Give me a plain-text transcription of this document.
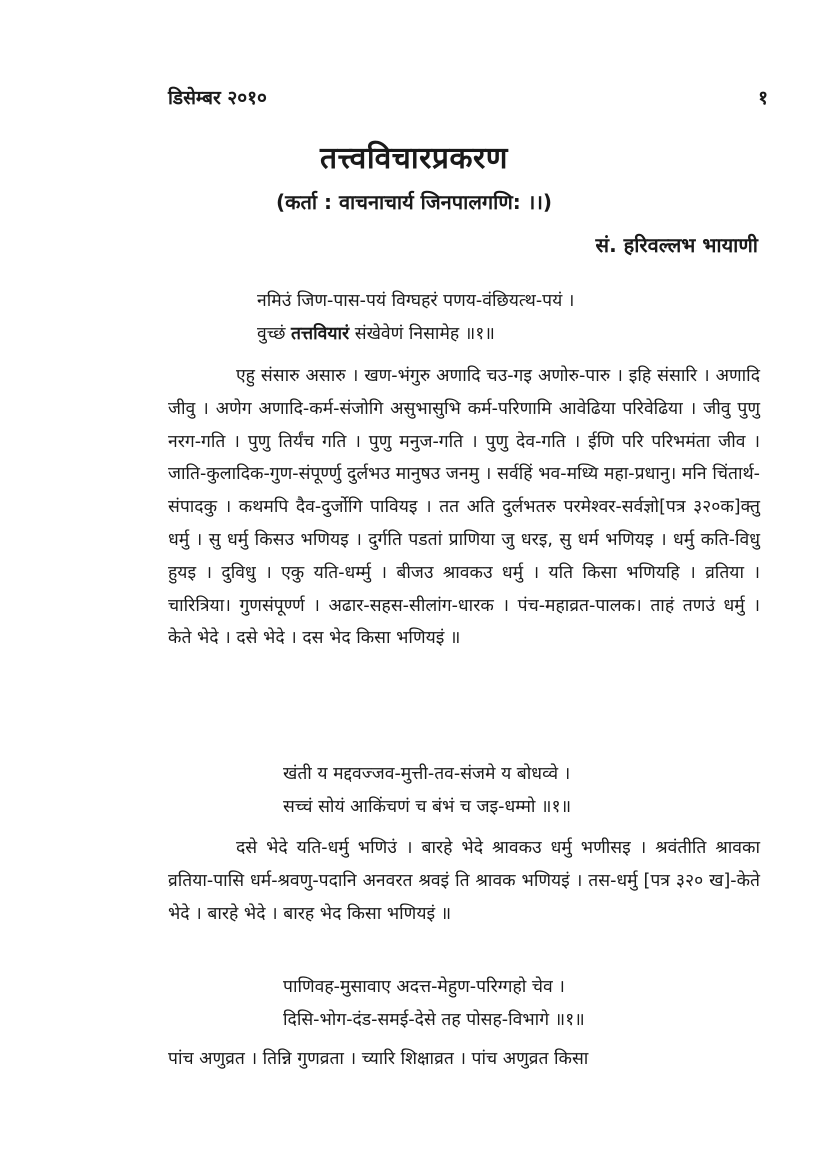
डिसेम्बर २०१०	१
तत्त्वविचारप्रकरण
(कर्ता : वाचनाचार्य जिनपालगणि: ।।)
सं. हरिवल्लभ भायाणी
नमिउं जिण-पास-पयं विग्घहरं पणय-वंछियत्थ-पयं ।
वुच्छं तत्तवियारं संखेवेणं निसामेह ॥१॥
एहु संसारु असारु । खण-भंगुरु अणादि चउ-गइ अणोरु-पारु । इहि संसारि । अणादि जीवु । अणेग अणादि-कर्म-संजोगि असुभासुभि कर्म-परिणामि आवेढिया परिवेढिया । जीवु पुणु नरग-गति । पुणु तिर्यंच गति । पुणु मनुज-गति । पुणु देव-गति । ईणि परि परिभमंता जीव । जाति-कुलादिक-गुण-संपूर्ण्णु दुर्लभउ मानुषउ जनमु । सर्वहिं भव-मध्यि महा-प्रधानु। मनि चिंतार्थ-संपादकु । कथमपि दैव-दुर्जोगि पावियइ । तत अति दुर्लभतरु परमेश्वर-सर्वज्ञो[पत्र ३२०क]क्तु धर्मु । सु धर्मु किसउ भणियइ । दुर्गति पडतां प्राणिया जु धरइ, सु धर्म भणियइ । धर्मु कति-विधु हुयइ । दुविधु । एकु यति-धर्म्मु । बीजउ श्रावकउ धर्मु । यति किसा भणियहि । व्रतिया । चारित्रिया। गुणसंपूर्ण्ण । अढार-सहस-सीलांग-धारक । पंच-महाव्रत-पालक। ताहं तणउं धर्मु । केते भेदे । दसे भेदे । दस भेद किसा भणियइं ॥
खंती य मद्दवज्जव-मुत्ती-तव-संजमे य बोधव्वे ।
सच्चं सोयं आकिंचणं च बंभं च जइ-धम्मो ॥१॥
दसे भेदे यति-धर्मु भणिउं । बारहे भेदे श्रावकउ धर्मु भणीसइ । श्रवंतीति श्रावका व्रतिया-पासि धर्म-श्रवणु-पदानि अनवरत श्रवइं ति श्रावक भणियइं । तस-धर्मु [पत्र ३२० ख]-केते भेदे । बारहे भेदे । बारह भेद किसा भणियइं ॥
पाणिवह-मुसावाए अदत्त-मेहुण-परिग्गहो चेव ।
दिसि-भोग-दंड-समई-देसे तह पोसह-विभागे ॥१॥
पांच अणुव्रत । तिन्नि गुणव्रता । च्यारि शिक्षाव्रत । पांच अणुव्रत किसा
